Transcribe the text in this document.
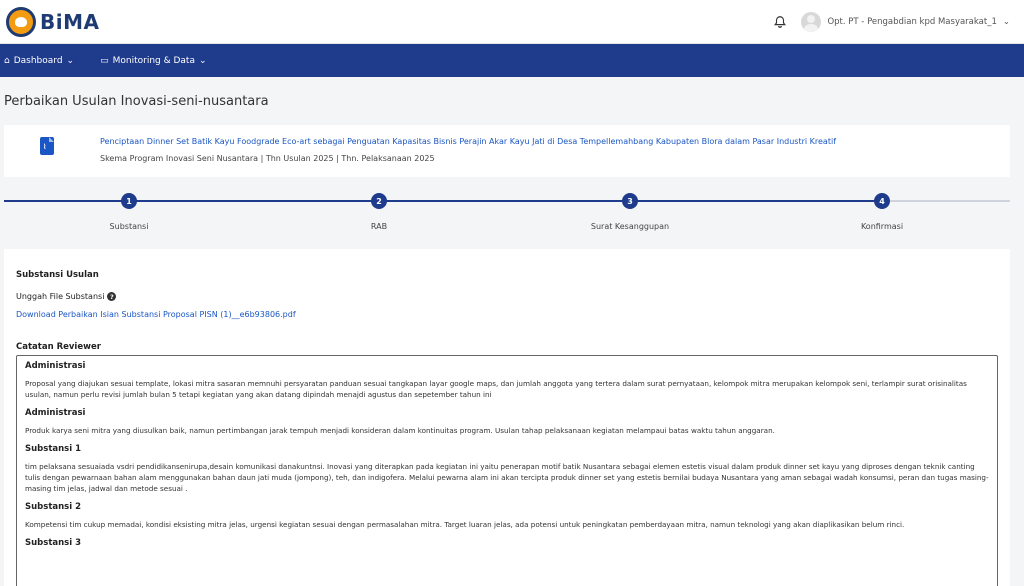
BiMA	Opt. PT - Pengabdian kpd Masyarakat_1 ⌄
⌂ Dashboard ⌄	▭ Monitoring & Data ⌄
Perbaikan Usulan Inovasi-seni-nusantara
⌇
Penciptaan Dinner Set Batik Kayu Foodgrade Eco-art sebagai Penguatan Kapasitas Bisnis Perajin Akar Kayu Jati di Desa Tempellemahbang Kabupaten Blora dalam Pasar Industri Kreatif
Skema Program Inovasi Seni Nusantara | Thn Usulan 2025 | Thn. Pelaksanaan 2025
1
Substansi
2
RAB
3
Surat Kesanggupan
4
Konfirmasi
Substansi Usulan
Unggah File Substansi ?
Download Perbaikan Isian Substansi Proposal PISN (1)__e6b93806.pdf
Catatan Reviewer
Administrasi

Proposal yang diajukan sesuai template, lokasi mitra sasaran memnuhi persyaratan panduan sesuai tangkapan layar google maps, dan jumlah anggota yang tertera dalam surat pernyataan, kelompok mitra merupakan kelompok seni, terlampir surat orisinalitas usulan, namun perlu revisi jumlah bulan 5 tetapi kegiatan yang akan datang dipindah menajdi agustus dan sepetember tahun ini

Administrasi

Produk karya seni mitra yang diusulkan baik, namun pertimbangan jarak tempuh menjadi konsideran dalam kontinuitas program. Usulan tahap pelaksanaan kegiatan melampaui batas waktu tahun anggaran.

Substansi 1

tim pelaksana sesuaiada vsdri pendidikansenirupa,desain komunikasi danakuntnsi. Inovasi yang diterapkan pada kegiatan ini yaitu penerapan motif batik Nusantara sebagai elemen estetis visual dalam produk dinner set kayu yang diproses dengan teknik canting tulis dengan pewarnaan bahan alam menggunakan bahan daun jati muda (jompong), teh, dan indigofera. Melalui pewarna alam ini akan tercipta produk dinner set yang estetis bernilai budaya Nusantara yang aman sebagai wadah konsumsi, peran dan tugas masing-masing tim jelas, jadwal dan metode sesuai .

Substansi 2

Kompetensi tim cukup memadai, kondisi eksisting mitra jelas, urgensi kegiatan sesuai dengan permasalahan mitra. Target luaran jelas, ada potensi untuk peningkatan pemberdayaan mitra, namun teknologi yang akan diaplikasikan belum rinci.

Substansi 3
